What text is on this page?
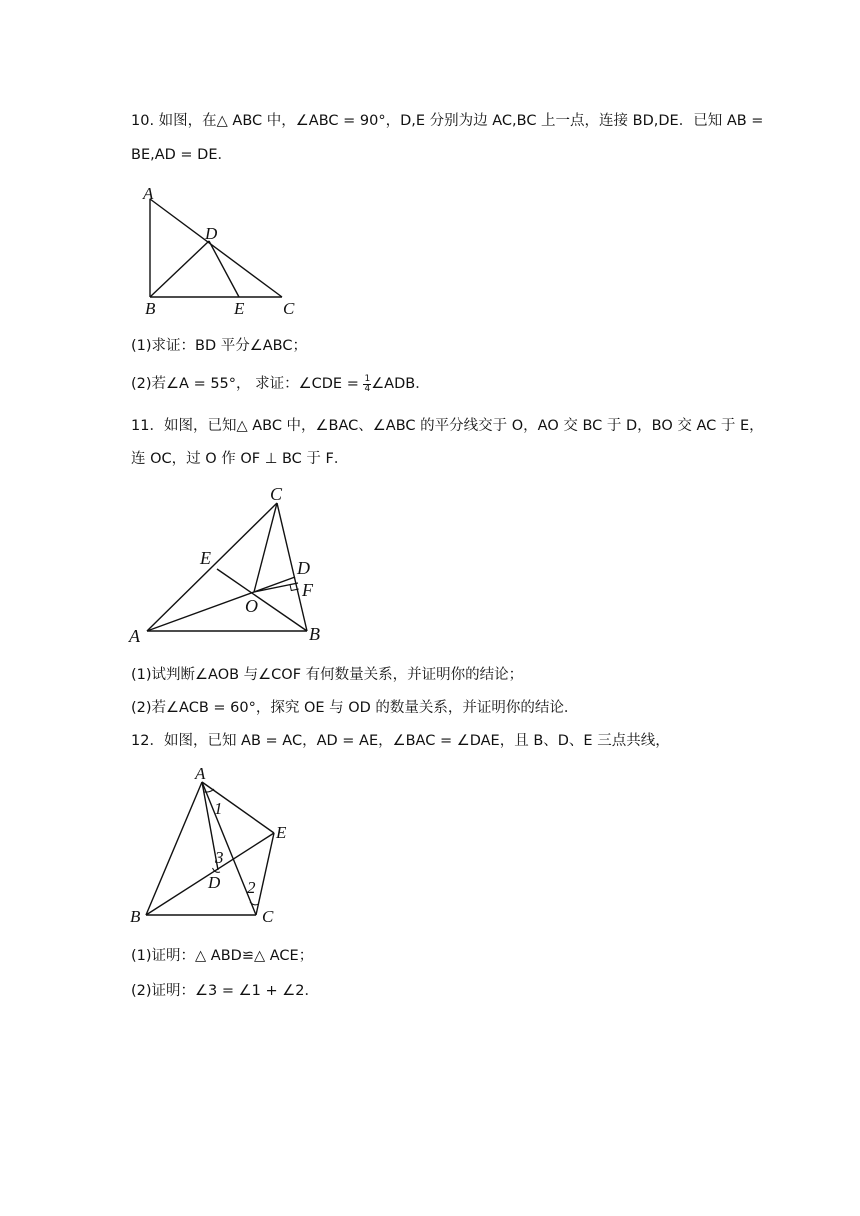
10. 如图，在△ ABC 中，∠ABC = 90°，D,E 分别为边 AC,BC 上一点，连接 BD,DE．已知 AB =
BE,AD = DE．
A
B	C
D
E
(1)求证：BD 平分∠ABC；
(2)若∠A = 55°， 求证：∠CDE = $\frac{1}{4}$ ∠ADB．
11．如图，已知△ ABC 中，∠BAC、∠ABC 的平分线交于 O，AO 交 BC 于 D，BO 交 AC 于 E，
连 OC，过 O 作 OF ⊥ BC 于 F．
A	B
C
D
E
F
O
(1)试判断∠AOB 与∠COF 有何数量关系，并证明你的结论；
(2)若∠ACB = 60°，探究 OE 与 OD 的数量关系，并证明你的结论．
12．如图，已知 AB = AC，AD = AE，∠BAC = ∠DAE，且 B、D、E 三点共线，
A
B	C
D
E
1
2
3
(1)证明：△ ABD≌△ ACE；
(2)证明：∠3 = ∠1 + ∠2．
